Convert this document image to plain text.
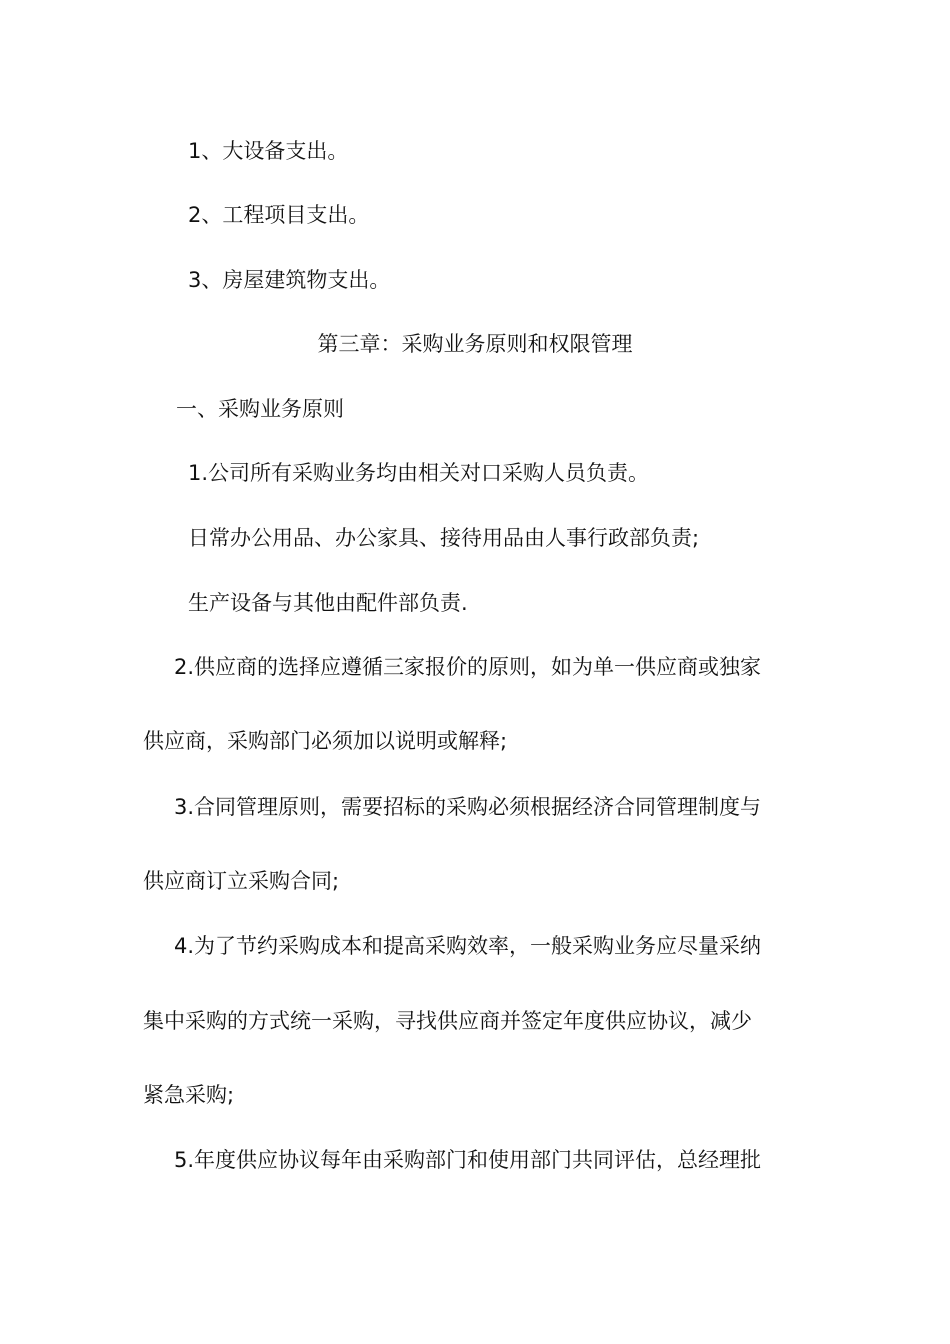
1、大设备支出。
2、工程项目支出。
3、房屋建筑物支出。
第三章：采购业务原则和权限管理
一、采购业务原则
1.公司所有采购业务均由相关对口采购人员负责。
日常办公用品、办公家具、接待用品由人事行政部负责;
生产设备与其他由配件部负责.
2.供应商的选择应遵循三家报价的原则，如为单一供应商或独家
供应商，采购部门必须加以说明或解释;
3.合同管理原则，需要招标的采购必须根据经济合同管理制度与
供应商订立采购合同;
4.为了节约采购成本和提高采购效率，一般采购业务应尽量采纳
集中采购的方式统一采购，寻找供应商并签定年度供应协议，减少
紧急采购;
5.年度供应协议每年由采购部门和使用部门共同评估，总经理批
